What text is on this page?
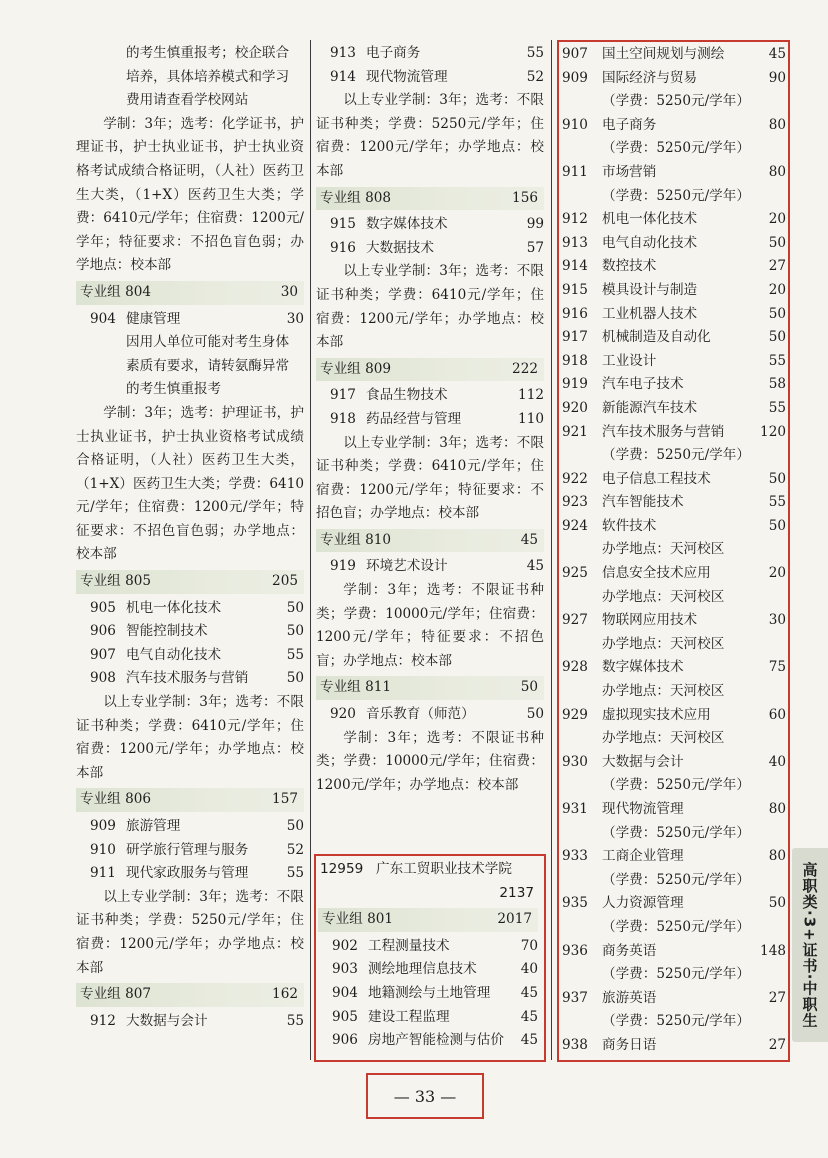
的考生慎重报考；校企联合
培养，具体培养模式和学习
费用请查看学校网站
学制：3年；选考：化学证书，护理证书，护士执业证书，护士执业资格考试成绩合格证明，（人社）医药卫生大类，（1+X）医药卫生大类；学费：6410元/学年；住宿费：1200元/学年；特征要求：不招色盲色弱；办学地点：校本部
专业组 804	30
904 健康管理	30
因用人单位可能对考生身体
素质有要求，请转氨酶异常
的考生慎重报考
学制：3年；选考：护理证书，护士执业证书，护士执业资格考试成绩合格证明，（人社）医药卫生大类，（1+X）医药卫生大类；学费：6410元/学年；住宿费：1200元/学年；特征要求：不招色盲色弱；办学地点：校本部
专业组 805	205
905 机电一体化技术	50
906 智能控制技术	50
907 电气自动化技术	55
908 汽车技术服务与营销	50
以上专业学制：3年；选考：不限证书种类；学费：6410元/学年；住宿费：1200元/学年；办学地点：校本部
专业组 806	157
909 旅游管理	50
910 研学旅行管理与服务	52
911 现代家政服务与管理	55
以上专业学制：3年；选考：不限证书种类；学费：5250元/学年；住宿费：1200元/学年；办学地点：校本部
专业组 807	162
912 大数据与会计	55
913 电子商务	55
914 现代物流管理	52
以上专业学制：3年；选考：不限证书种类；学费：5250元/学年；住宿费：1200元/学年；办学地点：校本部
专业组 808	156
915 数字媒体技术	99
916 大数据技术	57
以上专业学制：3年；选考：不限证书种类；学费：6410元/学年；住宿费：1200元/学年；办学地点：校本部
专业组 809	222
917 食品生物技术	112
918 药品经营与管理	110
以上专业学制：3年；选考：不限证书种类；学费：6410元/学年；住宿费：1200元/学年；特征要求：不招色盲；办学地点：校本部
专业组 810	45
919 环境艺术设计	45
学制：3年；选考：不限证书种类；学费：10000元/学年；住宿费：1200元/学年；特征要求：不招色盲；办学地点：校本部
专业组 811	50
920 音乐教育（师范）	50
学制：3年；选考：不限证书种类；学费：10000元/学年；住宿费：1200元/学年；办学地点：校本部
12959 广东工贸职业技术学院
2137
专业组 801	2017
902 工程测量技术	70
903 测绘地理信息技术	40
904 地籍测绘与土地管理	45
905 建设工程监理	45
906 房地产智能检测与估价	45
907	国土空间规划与测绘	45
909	国际经济与贸易	90
（学费：5250元/学年）
910	电子商务	80
（学费：5250元/学年）
911	市场营销	80
（学费：5250元/学年）
912	机电一体化技术	20
913	电气自动化技术	50
914	数控技术	27
915	模具设计与制造	20
916	工业机器人技术	50
917	机械制造及自动化	50
918	工业设计	55
919	汽车电子技术	58
920	新能源汽车技术	55
921	汽车技术服务与营销	120
（学费：5250元/学年）
922	电子信息工程技术	50
923	汽车智能技术	55
924	软件技术	50
办学地点：天河校区
925	信息安全技术应用	20
办学地点：天河校区
927	物联网应用技术	30
办学地点：天河校区
928	数字媒体技术	75
办学地点：天河校区
929	虚拟现实技术应用	60
办学地点：天河校区
930	大数据与会计	40
（学费：5250元/学年）
931	现代物流管理	80
（学费：5250元/学年）
933	工商企业管理	80
（学费：5250元/学年）
935	人力资源管理	50
（学费：5250元/学年）
936	商务英语	148
（学费：5250元/学年）
937	旅游英语	27
（学费：5250元/学年）
938	商务日语	27
— 33 —
高职类·3+证书·中职生
